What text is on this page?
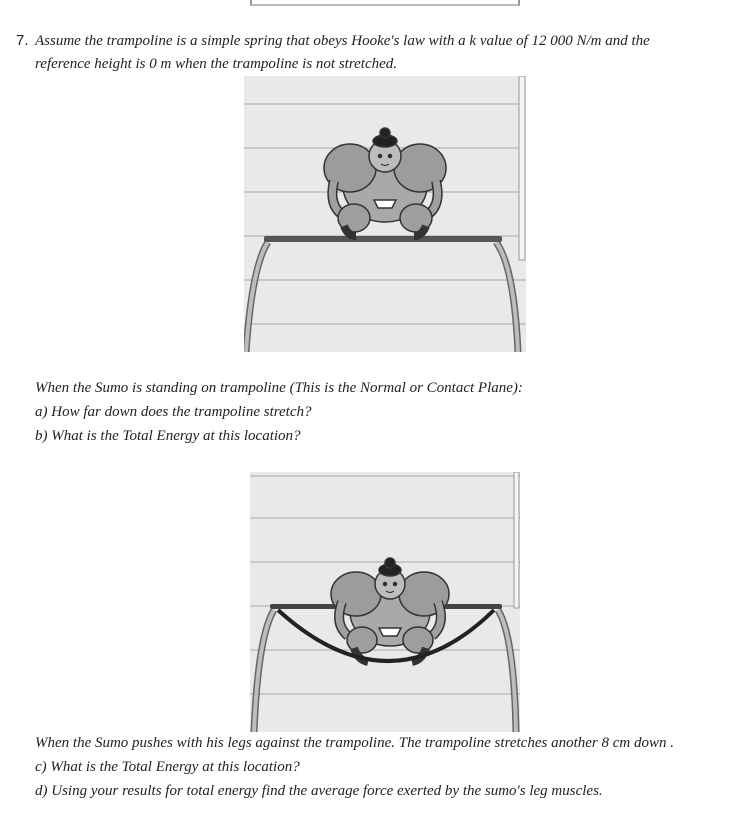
7. Assume the trampoline is a simple spring that obeys Hooke's law with a k value of 12 000 N/m and the
reference height is 0 m when the trampoline is not stretched.
When the Sumo is standing on trampoline (This is the Normal or Contact Plane):
a) How far down does the trampoline stretch?
b) What is the Total Energy at this location?
When the Sumo pushes with his legs against the trampoline. The trampoline stretches another 8 cm down .
c) What is the Total Energy at this location?
d) Using your results for total energy find the average force exerted by the sumo's leg muscles.
